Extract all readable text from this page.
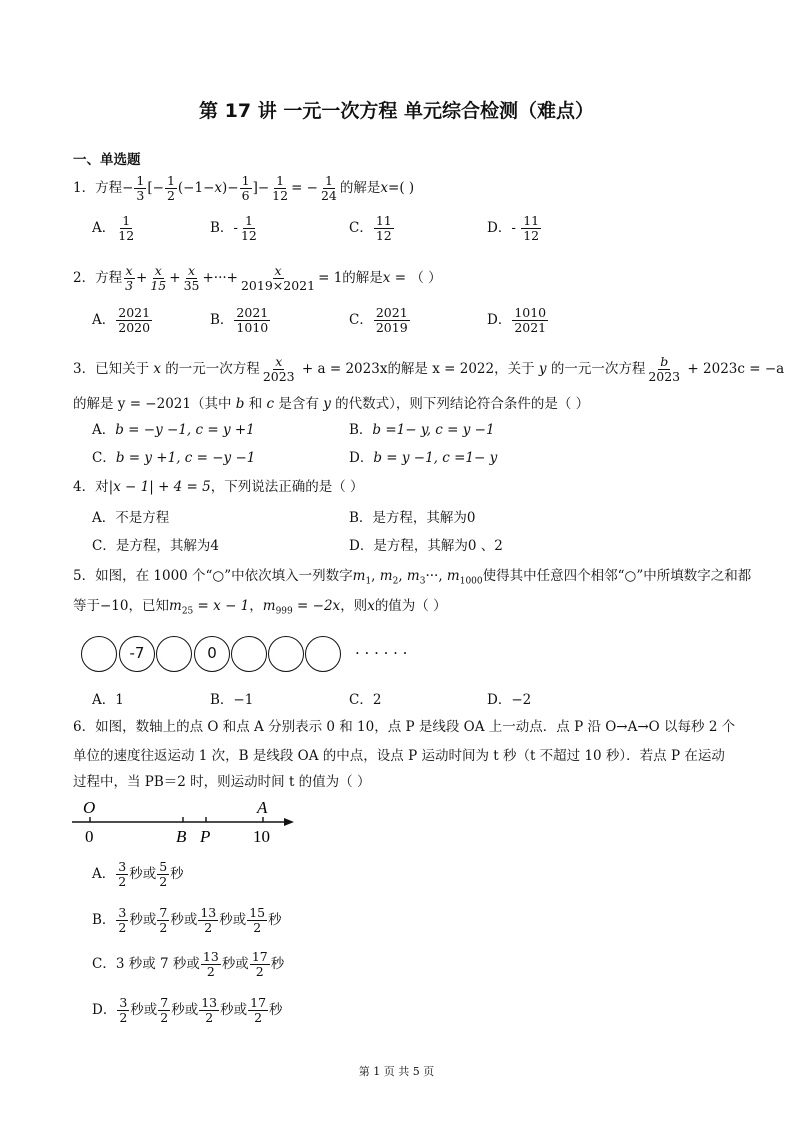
第 17 讲 一元一次方程 单元综合检测（难点）
一、单选题
1．方程− $\frac{1}{3}$ [− $\frac{1}{2} (-1-x)- \frac{1}{6}$ ]− $\frac{1}{12}$ = − $\frac{1}{24}$ 的解是x=( )
A． $\frac{1}{12}$	B．- $\frac{1}{12}$	C． $\frac{11}{12}$	D．- $\frac{11}{12}$
2．方程 $\frac{x}{3} + \frac{x}{15} + \frac{x}{35}$ +···+ $\frac{x}{2019\times 2021} = 1$的解是x = （ ）
A． $\frac{2021}{2020}$	B． $\frac{2021}{1010}$	C． $\frac{2021}{2019}$	D． $\frac{1010}{2021}$
3．已知关于 x 的一元一次方程 $\frac{x}{2023} + a = 2023x$的解是 x = 2022，关于 y 的一元一次方程 $\frac{b}{2023} + 2023c = -a$
的解是 y = −2021（其中 b 和 c 是含有 y 的代数式），则下列结论符合条件的是（ ）
A．b = −y −1, c = y +1	B．b =1− y, c = y −1
C．b = y +1, c = −y −1	D．b = y −1, c =1− y
4．对|x − 1| + 4 = 5，下列说法正确的是（ ）
A．不是方程	B．是方程，其解为0
C．是方程，其解为4	D．是方程，其解为0 、2
5．如图，在 1000 个“○”中依次填入一列数字$m_1$, $m_2$, $m_3\cdot\cdot\cdot$, $m_{1000}$使得其中任意四个相邻“○”中所填数字之和都
等于−10，已知$m_{25} = x - 1$，$m_{999} = -2x$，则x的值为（ ）
-7	0	· · · · · ·
A．1	B．−1	C．2	D．−2
6．如图，数轴上的点 O 和点 A 分别表示 0 和 10，点 P 是线段 OA 上一动点．点 P 沿 O→A→O 以每秒 2 个
单位的速度往返运动 1 次，B 是线段 OA 的中点，设点 P 运动时间为 t 秒（t 不超过 10 秒）．若点 P 在运动
过程中，当 PB＝2 时，则运动时间 t 的值为（ ）
O	A
0	B P	10
A． $\frac{3}{2}$ 秒或 $\frac{5}{2}$ 秒
B． $\frac{3}{2}$ 秒或 $\frac{7}{2}$ 秒或 $\frac{13}{2}$ 秒或 $\frac{15}{2}$ 秒
C．3 秒或 7 秒或 $\frac{13}{2}$ 秒或 $\frac{17}{2}$ 秒
D． $\frac{3}{2}$ 秒或 $\frac{7}{2}$ 秒或 $\frac{13}{2}$ 秒或 $\frac{17}{2}$ 秒
第 1 页 共 5 页
